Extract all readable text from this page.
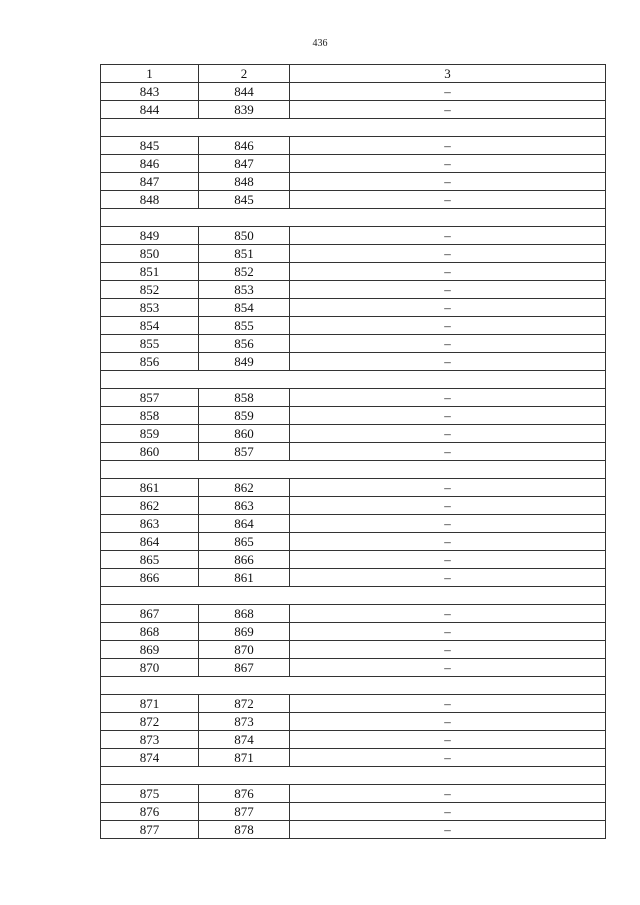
436
1	2	3
843	844	–
844	839	–

845	846	–
846	847	–
847	848	–
848	845	–

849	850	–
850	851	–
851	852	–
852	853	–
853	854	–
854	855	–
855	856	–
856	849	–

857	858	–
858	859	–
859	860	–
860	857	–

861	862	–
862	863	–
863	864	–
864	865	–
865	866	–
866	861	–

867	868	–
868	869	–
869	870	–
870	867	–

871	872	–
872	873	–
873	874	–
874	871	–

875	876	–
876	877	–
877	878	–
